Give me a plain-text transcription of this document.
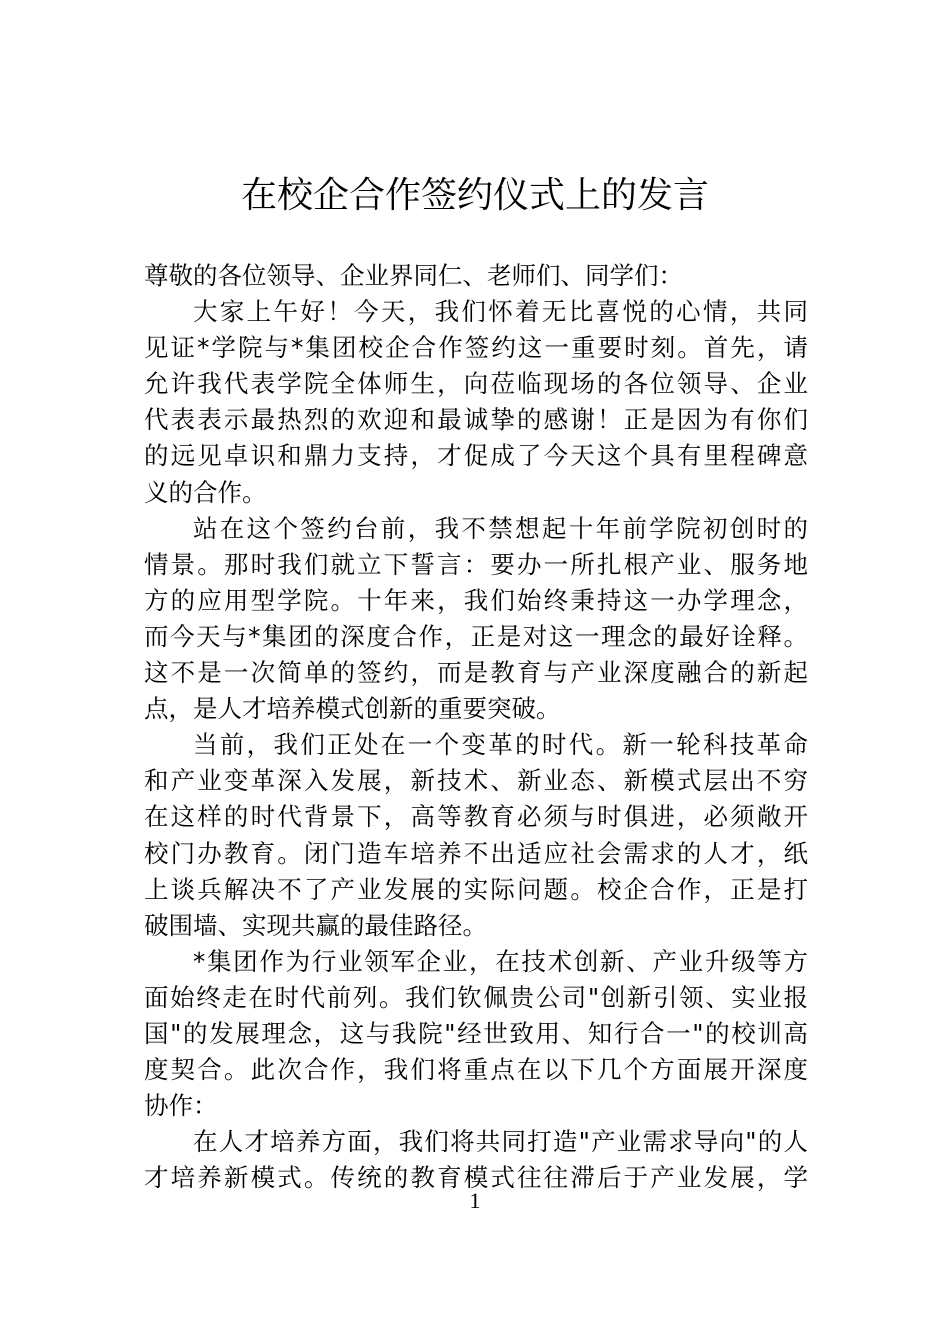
在校企合作签约仪式上的发言
尊敬的各位领导、企业界同仁、老师们、同学们：
大家上午好！今天，我们怀着无比喜悦的心情，共同
见证*学院与*集团校企合作签约这一重要时刻。首先，请
允许我代表学院全体师生，向莅临现场的各位领导、企业
代表表示最热烈的欢迎和最诚挚的感谢！正是因为有你们
的远见卓识和鼎力支持，才促成了今天这个具有里程碑意
义的合作。
站在这个签约台前，我不禁想起十年前学院初创时的
情景。那时我们就立下誓言：要办一所扎根产业、服务地
方的应用型学院。十年来，我们始终秉持这一办学理念，
而今天与*集团的深度合作，正是对这一理念的最好诠释。
这不是一次简单的签约，而是教育与产业深度融合的新起
点，是人才培养模式创新的重要突破。
当前，我们正处在一个变革的时代。新一轮科技革命
和产业变革深入发展，新技术、新业态、新模式层出不穷
在这样的时代背景下，高等教育必须与时俱进，必须敞开
校门办教育。闭门造车培养不出适应社会需求的人才，纸
上谈兵解决不了产业发展的实际问题。校企合作，正是打
破围墙、实现共赢的最佳路径。
*集团作为行业领军企业，在技术创新、产业升级等方
面始终走在时代前列。我们钦佩贵公司"创新引领、实业报
国"的发展理念，这与我院"经世致用、知行合一"的校训高
度契合。此次合作，我们将重点在以下几个方面展开深度
协作：
在人才培养方面，我们将共同打造"产业需求导向"的人
才培养新模式。传统的教育模式往往滞后于产业发展，学
1
